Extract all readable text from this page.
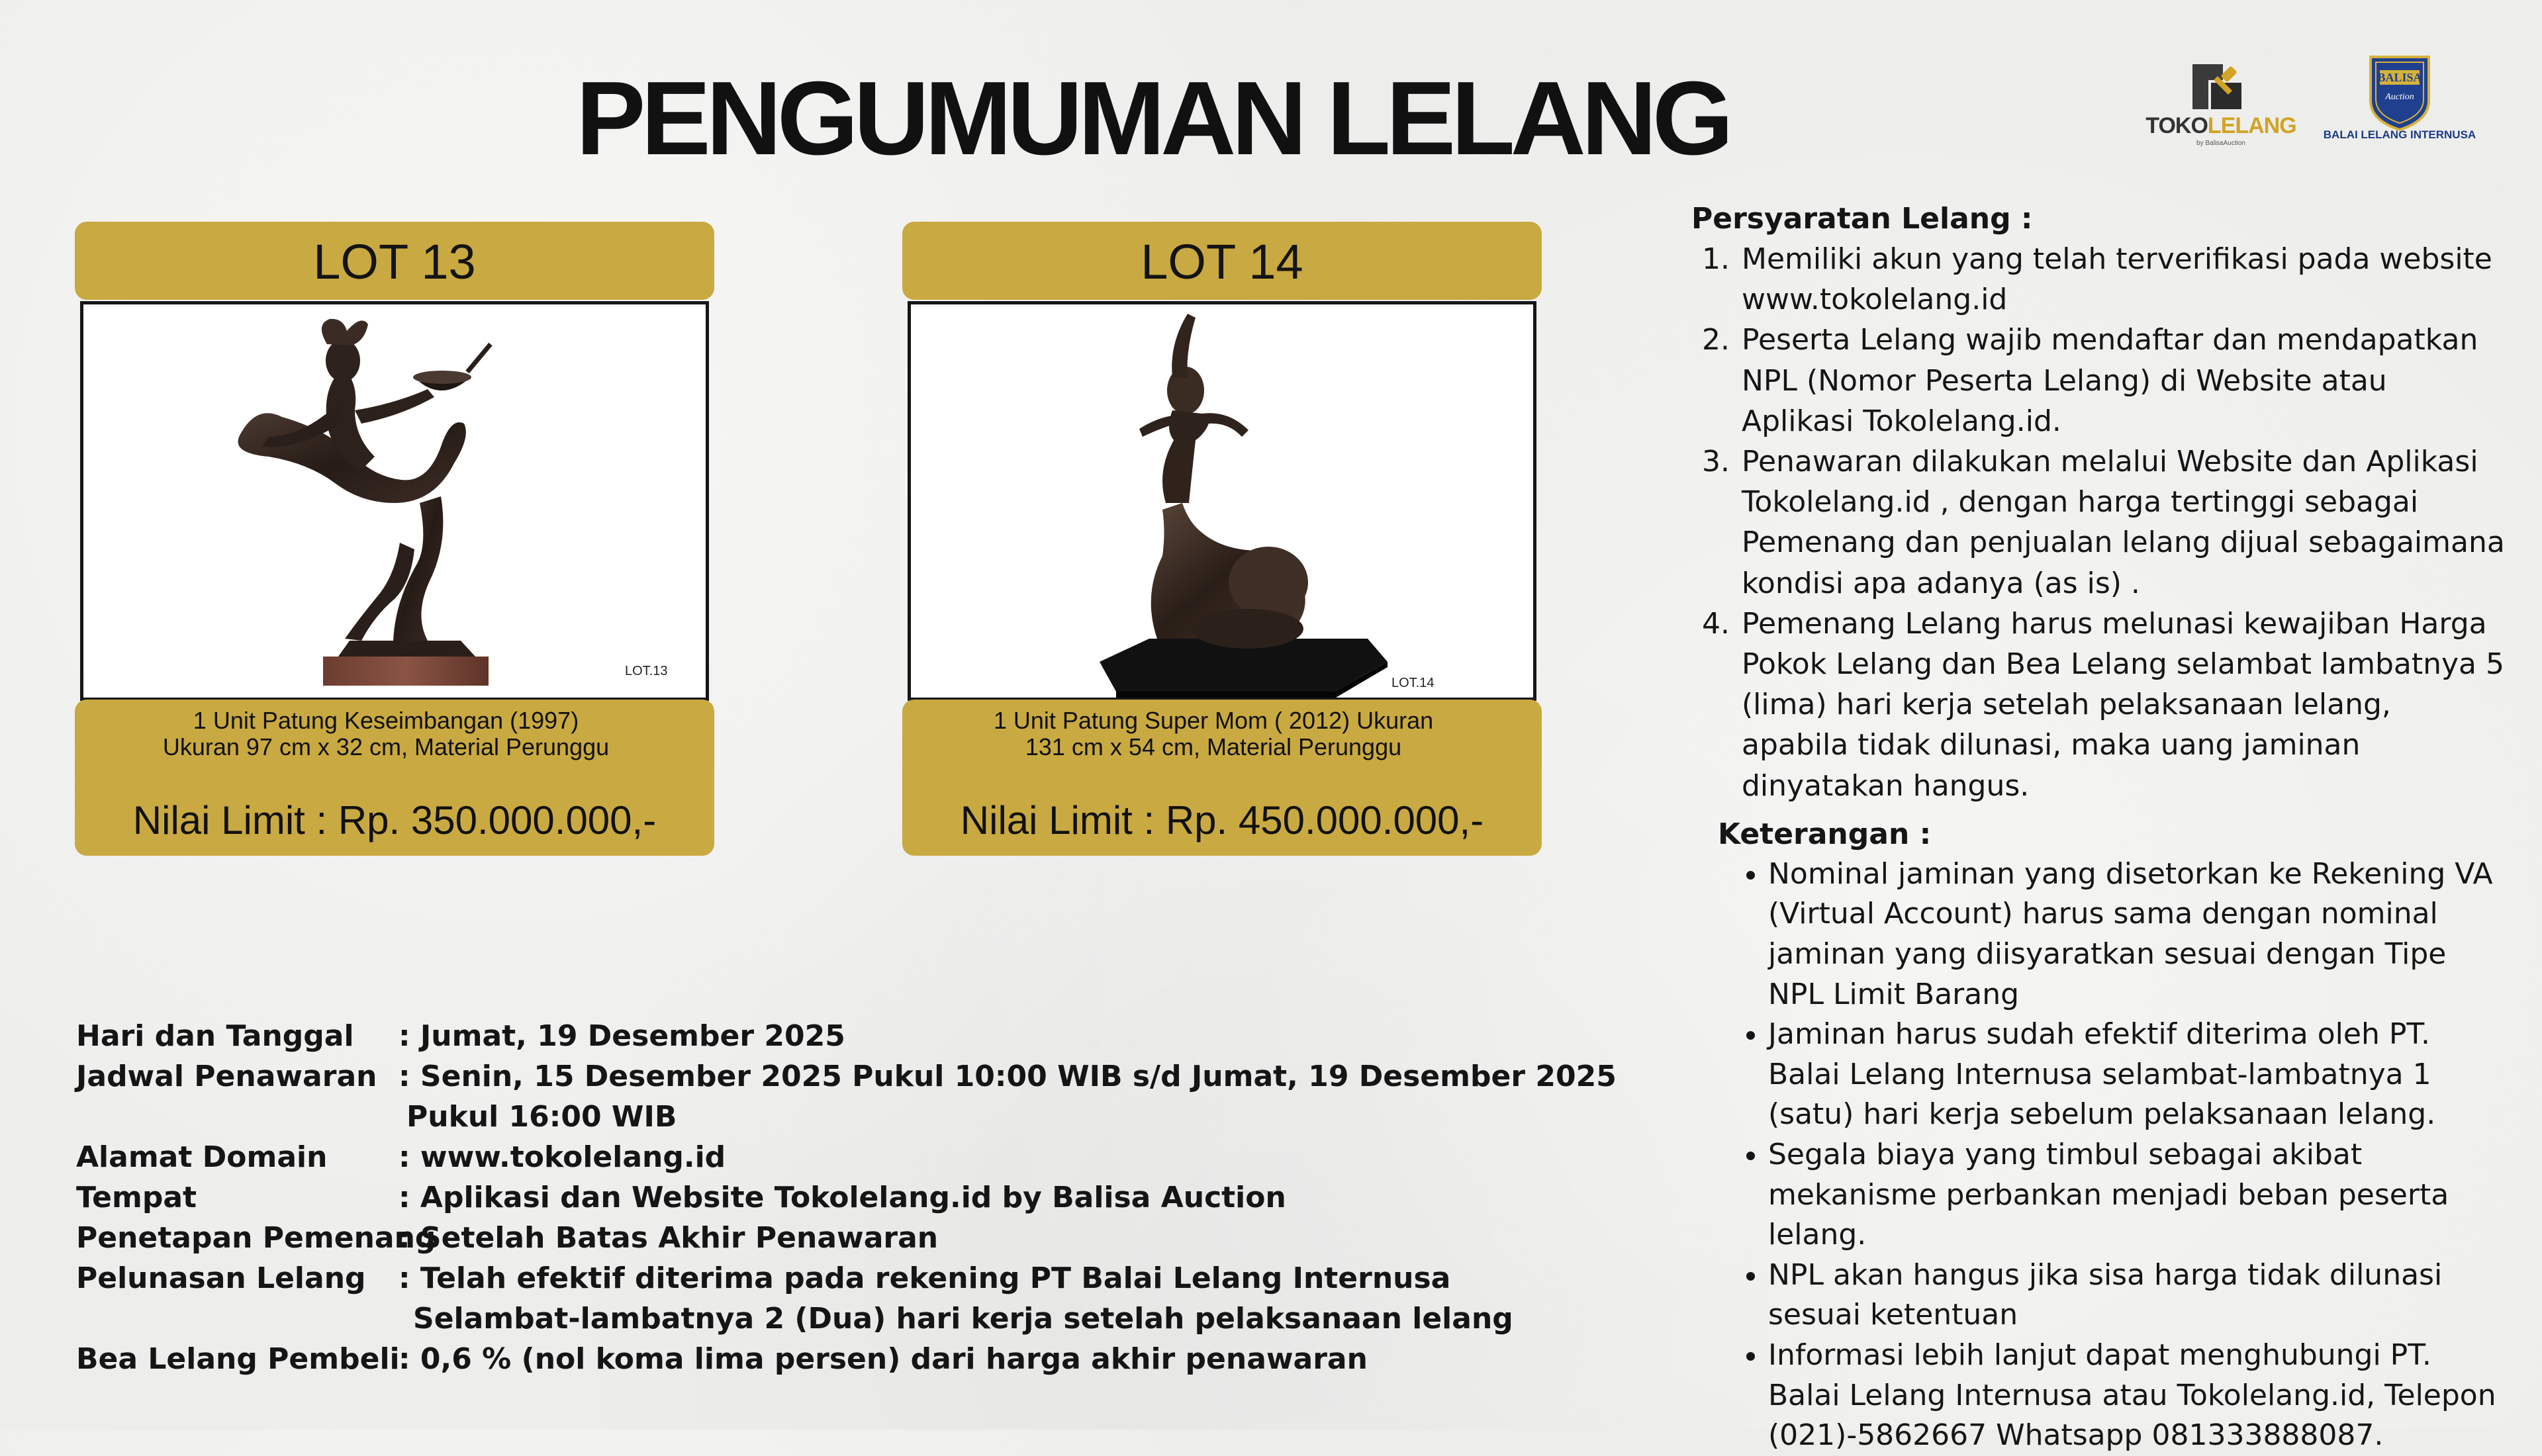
PENGUMUMAN LELANG	TOKOLELANG
by BalisaAuction
BALISA
Auction
BALAI LELANG INTERNUSA
LOT 13
LOT.13
1 Unit Patung Keseimbangan (1997) Ukuran 97 cm x 32 cm, Material Perunggu
Nilai Limit : Rp. 350.000.000,-
LOT 14
LOT.14
1 Unit Patung Super Mom ( 2012) Ukuran 131 cm x 54 cm, Material Perunggu
Nilai Limit : Rp. 450.000.000,-
Hari dan Tanggal	: Jumat, 19 Desember 2025
Jadwal Penawaran : Senin, 15 Desember 2025 Pukul 10:00 WIB s/d Jumat, 19 Desember 2025
Pukul 16:00 WIB
Alamat Domain	: www.tokolelang.id
Tempat	: Aplikasi dan Website Tokolelang.id by Balisa Auction
Penetapan Pemenang
: Setelah Batas Akhir Penawaran
Pelunasan Lelang	: Telah efektif diterima pada rekening PT Balai Lelang Internusa
Selambat-lambatnya 2 (Dua) hari kerja setelah pelaksanaan lelang
Bea Lelang Pembeli
: 0,6 % (nol koma lima persen) dari harga akhir penawaran
Persyaratan Lelang :
1. Memiliki akun yang telah terverifikasi pada website www.tokolelang.id
2. Peserta Lelang wajib mendaftar dan mendapatkan NPL (Nomor Peserta Lelang) di Website atau Aplikasi Tokolelang.id.
3. Penawaran dilakukan melalui Website dan Aplikasi Tokolelang.id , dengan harga tertinggi sebagai Pemenang dan penjualan lelang dijual sebagaimana kondisi apa adanya (as is) .
4. Pemenang Lelang harus melunasi kewajiban Harga Pokok Lelang dan Bea Lelang selambat lambatnya 5 (lima) hari kerja setelah pelaksanaan lelang, apabila tidak dilunasi, maka uang jaminan dinyatakan hangus.
Keterangan :
• Nominal jaminan yang disetorkan ke Rekening VA (Virtual Account) harus sama dengan nominal jaminan yang diisyaratkan sesuai dengan Tipe NPL Limit Barang
• Jaminan harus sudah efektif diterima oleh PT. Balai Lelang Internusa selambat-lambatnya 1 (satu) hari kerja sebelum pelaksanaan lelang.
• Segala biaya yang timbul sebagai akibat mekanisme perbankan menjadi beban peserta lelang.
• NPL akan hangus jika sisa harga tidak dilunasi sesuai ketentuan
• Informasi lebih lanjut dapat menghubungi PT. Balai Lelang Internusa atau Tokolelang.id, Telepon (021)-5862667 Whatsapp 081333888087.
